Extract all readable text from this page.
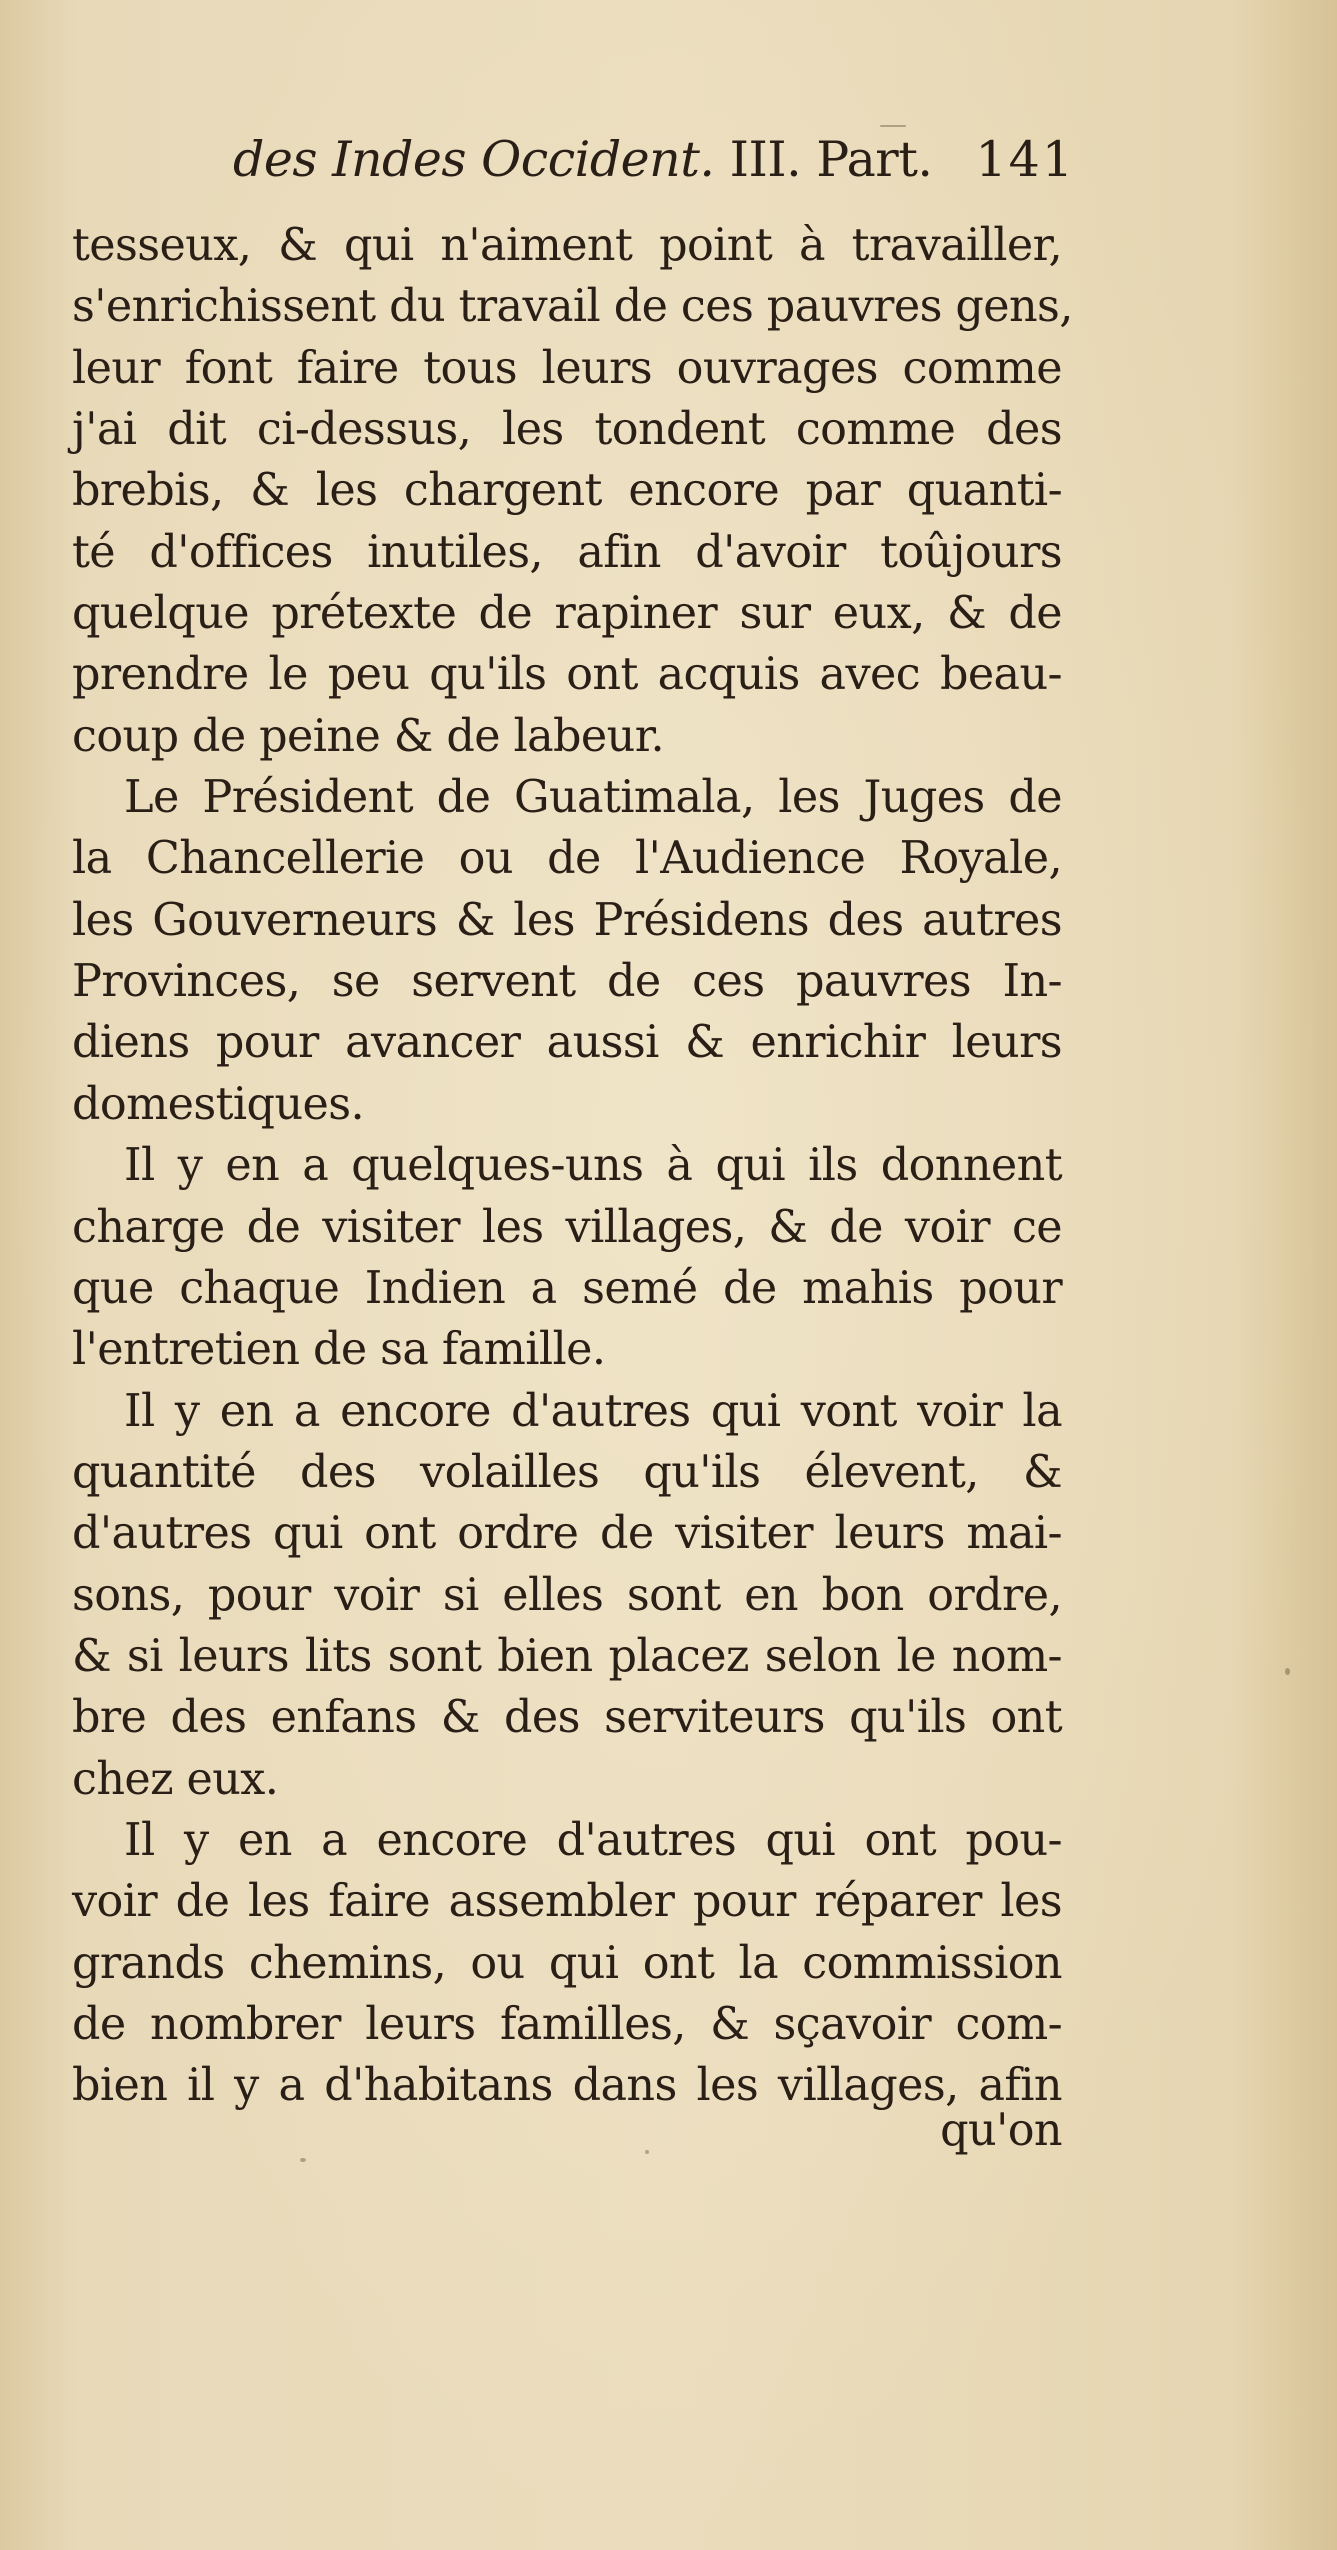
des Indes Occident. III. Part. 141
tesseux, & qui n'aiment point à travailler,
s'enrichissent du travail de ces pauvres gens,
leur font faire tous leurs ouvrages comme
j'ai dit ci-dessus, les tondent comme des
brebis, & les chargent encore par quanti-
té d'offices inutiles, afin d'avoir toûjours
quelque prétexte de rapiner sur eux, & de
prendre le peu qu'ils ont acquis avec beau-
coup de peine & de labeur.
Le Président de Guatimala, les Juges de
la Chancellerie ou de l'Audience Royale,
les Gouverneurs & les Présidens des autres
Provinces, se servent de ces pauvres In-
diens pour avancer aussi & enrichir leurs
domestiques.
Il y en a quelques-uns à qui ils donnent
charge de visiter les villages, & de voir ce
que chaque Indien a semé de mahis pour
l'entretien de sa famille.
Il y en a encore d'autres qui vont voir la
quantité des volailles qu'ils élevent, &
d'autres qui ont ordre de visiter leurs mai-
sons, pour voir si elles sont en bon ordre,
& si leurs lits sont bien placez selon le nom-
bre des enfans & des serviteurs qu'ils ont
chez eux.
Il y en a encore d'autres qui ont pou-
voir de les faire assembler pour réparer les
grands chemins, ou qui ont la commission
de nombrer leurs familles, & sçavoir com-
bien il y a d'habitans dans les villages, afin
qu'on
